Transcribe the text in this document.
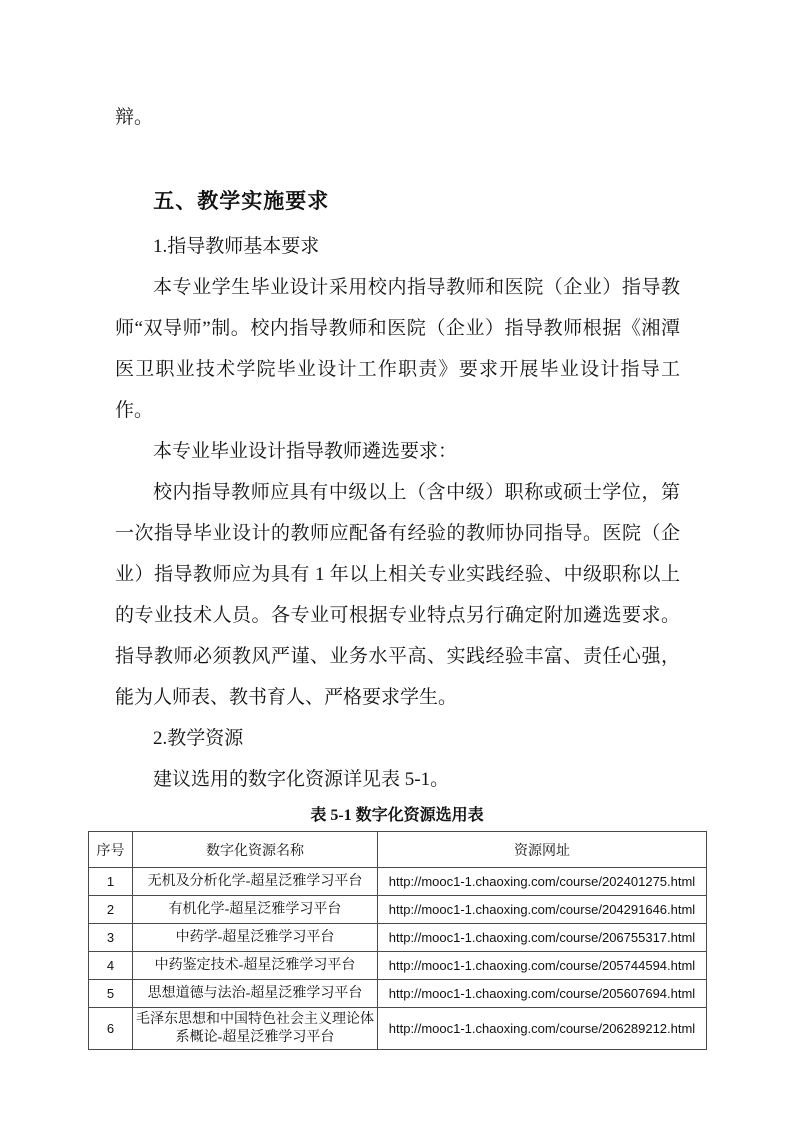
辩。

五、教学实施要求

1.指导教师基本要求

本专业学生毕业设计采用校内指导教师和医院（企业）指导教师“双导师”制。校内指导教师和医院（企业）指导教师根据《湘潭医卫职业技术学院毕业设计工作职责》要求开展毕业设计指导工作。

本专业毕业设计指导教师遴选要求：

校内指导教师应具有中级以上（含中级）职称或硕士学位，第一次指导毕业设计的教师应配备有经验的教师协同指导。医院（企业）指导教师应为具有 1 年以上相关专业实践经验、中级职称以上的专业技术人员。各专业可根据专业特点另行确定附加遴选要求。指导教师必须教风严谨、业务水平高、实践经验丰富、责任心强，能为人师表、教书育人、严格要求学生。

2.教学资源

建议选用的数字化资源详见表 5-1。

表 5-1 数字化资源选用表
序号	数字化资源名称	资源网址
1	无机及分析化学-超星泛雅学习平台	http://mooc1-1.chaoxing.com/course/202401275.html
2	有机化学-超星泛雅学习平台	http://mooc1-1.chaoxing.com/course/204291646.html
3	中药学-超星泛雅学习平台	http://mooc1-1.chaoxing.com/course/206755317.html
4	中药鉴定技术-超星泛雅学习平台	http://mooc1-1.chaoxing.com/course/205744594.html
5	思想道德与法治-超星泛雅学习平台	http://mooc1-1.chaoxing.com/course/205607694.html
6	毛泽东思想和中国特色社会主义理论体系概论-超星泛雅学习平台	http://mooc1-1.chaoxing.com/course/206289212.html
